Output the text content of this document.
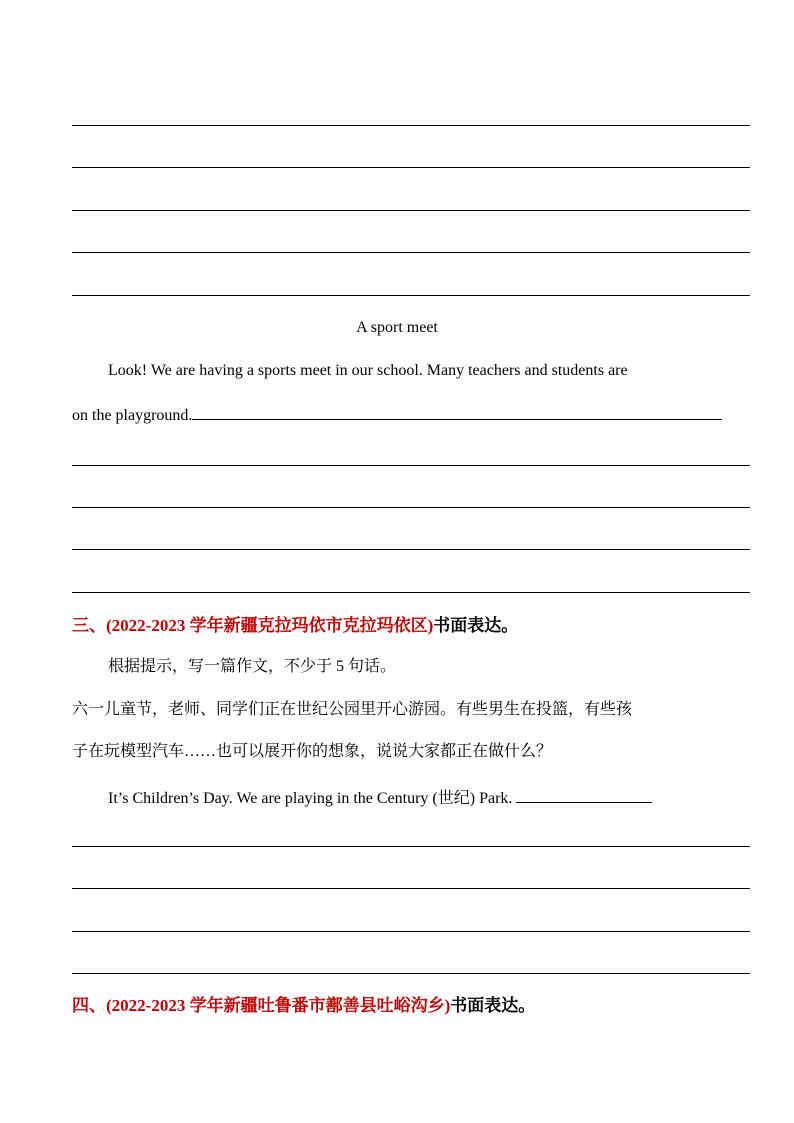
A sport meet
Look! We are having a sports meet in our school. Many teachers and students are
on the playground.
三、(2022-2023 学年新疆克拉玛依市克拉玛依区)书面表达。
根据提示，写一篇作文，不少于 5 句话。
六一儿童节，老师、同学们正在世纪公园里开心游园。有些男生在投篮，有些孩
子在玩模型汽车……也可以展开你的想象，说说大家都正在做什么？
It’s Children’s Day. We are playing in the Century (世纪) Park.
四、(2022-2023 学年新疆吐鲁番市鄯善县吐峪沟乡)书面表达。
